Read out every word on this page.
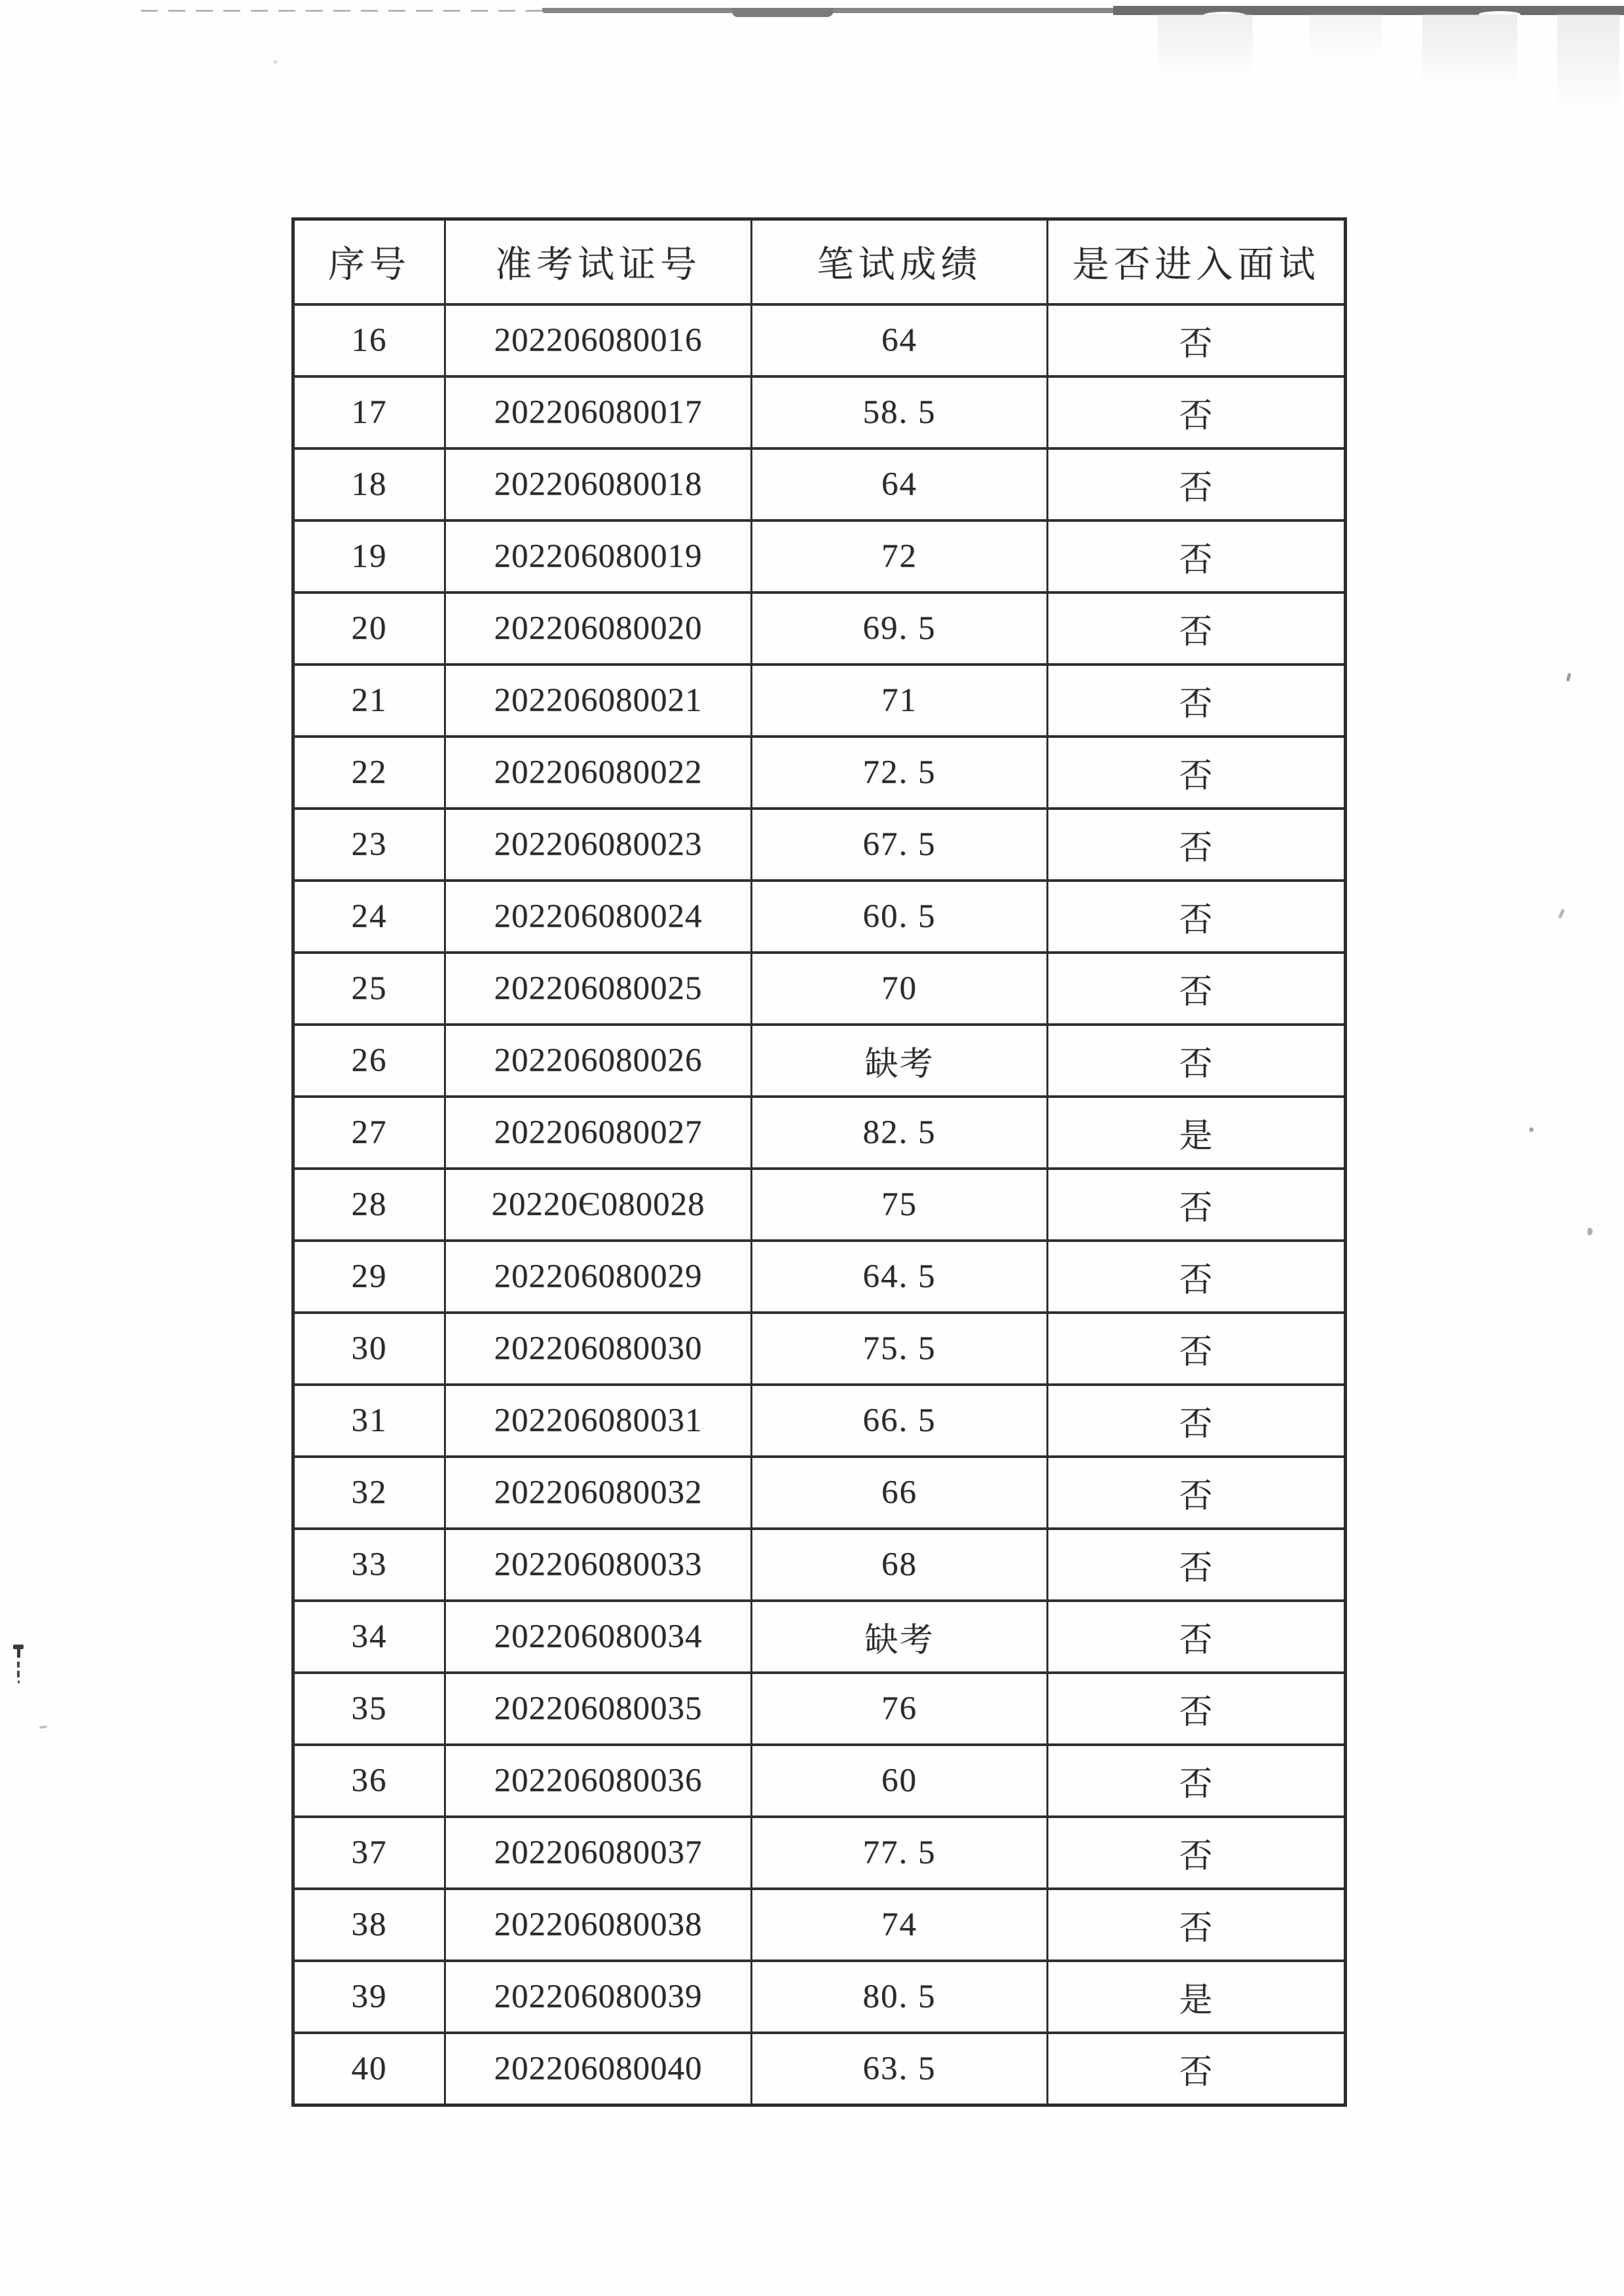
序号	准考试证号	笔试成绩	是否进入面试
16	202206080016	64	否
17	202206080017	58. 5	否
18	202206080018	64	否
19	202206080019	72	否
20	202206080020	69. 5	否
21	202206080021	71	否
22	202206080022	72. 5	否
23	202206080023	67. 5	否
24	202206080024	60. 5	否
25	202206080025	70	否
26	202206080026	缺考	否
27	202206080027	82. 5	是
28	20220Є080028	75	否
29	202206080029	64. 5	否
30	202206080030	75. 5	否
31	202206080031	66. 5	否
32	202206080032	66	否
33	202206080033	68	否
34	202206080034	缺考	否
35	202206080035	76	否
36	202206080036	60	否
37	202206080037	77. 5	否
38	202206080038	74	否
39	202206080039	80. 5	是
40	202206080040	63. 5	否
